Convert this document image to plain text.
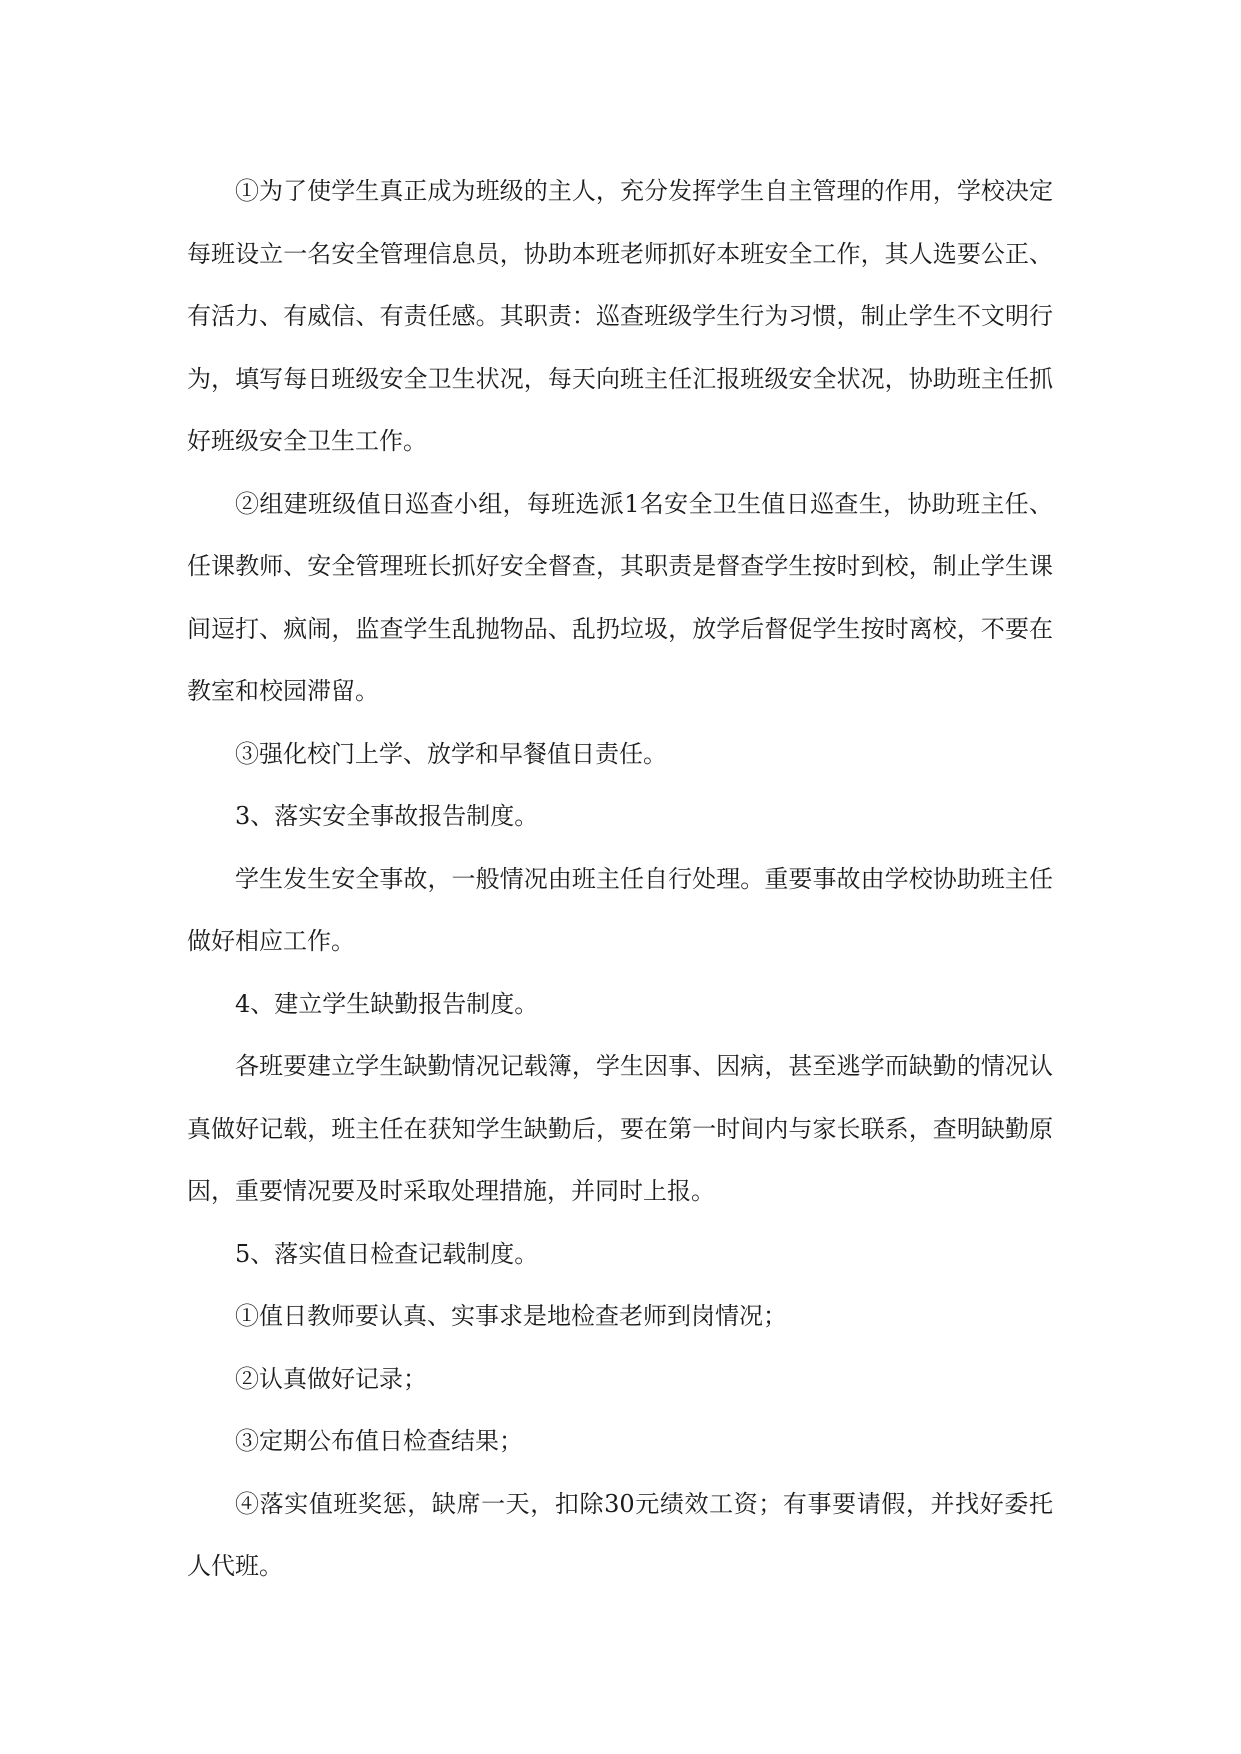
①为了使学生真正成为班级的主人，充分发挥学生自主管理的作用，学校决定每班设立一名安全管理信息员，协助本班老师抓好本班安全工作，其人选要公正、有活力、有威信、有责任感。其职责：巡查班级学生行为习惯，制止学生不文明行为，填写每日班级安全卫生状况，每天向班主任汇报班级安全状况，协助班主任抓好班级安全卫生工作。

②组建班级值日巡查小组，每班选派1名安全卫生值日巡查生，协助班主任、任课教师、安全管理班长抓好安全督查，其职责是督查学生按时到校，制止学生课间逗打、疯闹，监查学生乱抛物品、乱扔垃圾，放学后督促学生按时离校，不要在教室和校园滞留。

③强化校门上学、放学和早餐值日责任。

3、落实安全事故报告制度。

学生发生安全事故，一般情况由班主任自行处理。重要事故由学校协助班主任做好相应工作。

4、建立学生缺勤报告制度。

各班要建立学生缺勤情况记载簿，学生因事、因病，甚至逃学而缺勤的情况认真做好记载，班主任在获知学生缺勤后，要在第一时间内与家长联系，查明缺勤原因，重要情况要及时采取处理措施，并同时上报。

5、落实值日检查记载制度。

①值日教师要认真、实事求是地检查老师到岗情况；

②认真做好记录；

③定期公布值日检查结果；

④落实值班奖惩，缺席一天，扣除30元绩效工资；有事要请假，并找好委托人代班。
